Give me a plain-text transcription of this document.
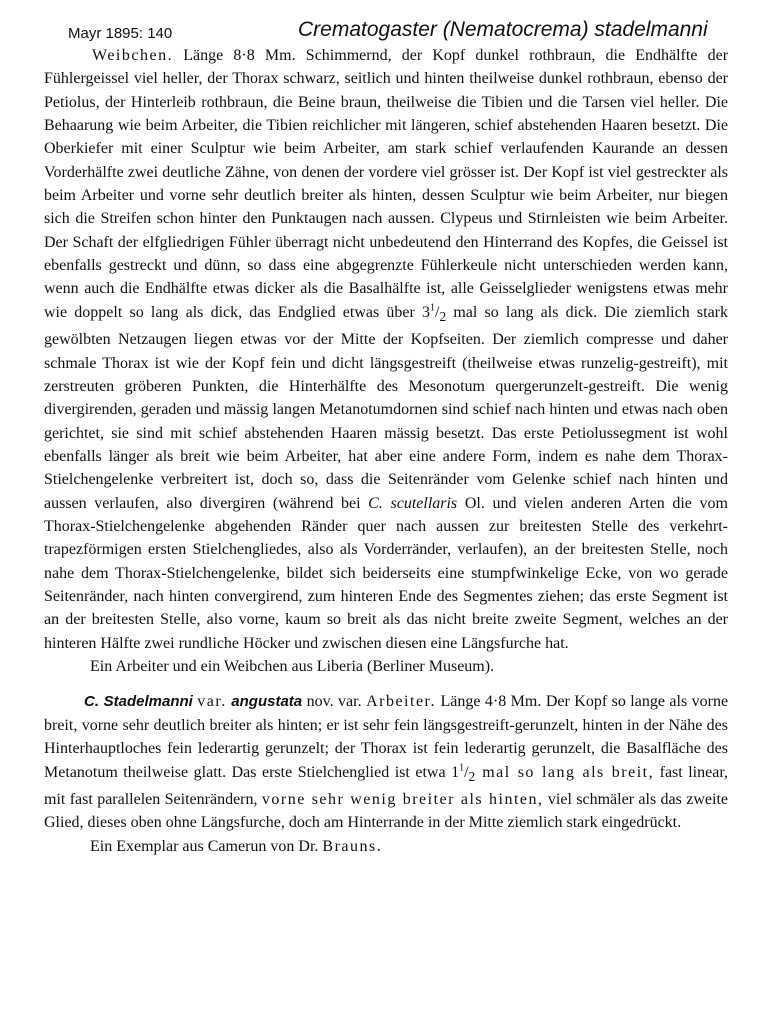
Mayr 1895: 140	Crematogaster (Nematocrema) stadelmanni

Weibchen. Länge 8·8 Mm. Schimmernd, der Kopf dunkel rothbraun, die Endhälfte der Fühlergeissel viel heller, der Thorax schwarz, seitlich und hinten theilweise dunkel rothbraun, ebenso der Petiolus, der Hinterleib rothbraun, die Beine braun, theilweise die Tibien und die Tarsen viel heller. Die Behaarung wie beim Arbeiter, die Tibien reichlicher mit längeren, schief abstehenden Haaren besetzt. Die Oberkiefer mit einer Sculptur wie beim Arbeiter, am stark schief verlaufenden Kaurande an dessen Vorderhälfte zwei deutliche Zähne, von denen der vordere viel grösser ist. Der Kopf ist viel gestreckter als beim Arbeiter und vorne sehr deutlich breiter als hinten, dessen Sculptur wie beim Arbeiter, nur biegen sich die Streifen schon hinter den Punktaugen nach aussen. Clypeus und Stirnleisten wie beim Arbeiter. Der Schaft der elfgliedrigen Fühler überragt nicht unbedeutend den Hinterrand des Kopfes, die Geissel ist ebenfalls gestreckt und dünn, so dass eine abgegrenzte Fühlerkeule nicht unterschieden werden kann, wenn auch die Endhälfte etwas dicker als die Basalhälfte ist, alle Geisselglieder wenigstens etwas mehr wie doppelt so lang als dick, das Endglied etwas über $3^1/_2$ mal so lang als dick. Die ziemlich stark gewölbten Netzaugen liegen etwas vor der Mitte der Kopfseiten. Der ziemlich compresse und daher schmale Thorax ist wie der Kopf fein und dicht längsgestreift (theilweise etwas runzelig-gestreift), mit zerstreuten gröberen Punkten, die Hinterhälfte des Mesonotum quergerunzelt-gestreift. Die wenig divergirenden, geraden und mässig langen Metanotumdornen sind schief nach hinten und etwas nach oben gerichtet, sie sind mit schief abstehenden Haaren mässig besetzt. Das erste Petiolussegment ist wohl ebenfalls länger als breit wie beim Arbeiter, hat aber eine andere Form, indem es nahe dem Thorax-Stielchengelenke verbreitert ist, doch so, dass die Seitenränder vom Gelenke schief nach hinten und aussen verlaufen, also divergiren (während bei C. scutellaris Ol. und vielen anderen Arten die vom Thorax-Stielchengelenke abgehenden Ränder quer nach aussen zur breitesten Stelle des verkehrt-trapezförmigen ersten Stielchengliedes, also als Vorderränder, verlaufen), an der breitesten Stelle, noch nahe dem Thorax-Stielchengelenke, bildet sich beiderseits eine stumpfwinkelige Ecke, von wo gerade Seitenränder, nach hinten convergirend, zum hinteren Ende des Segmentes ziehen; das erste Segment ist an der breitesten Stelle, also vorne, kaum so breit als das nicht breite zweite Segment, welches an der hinteren Hälfte zwei rundliche Höcker und zwischen diesen eine Längsfurche hat.

Ein Arbeiter und ein Weibchen aus Liberia (Berliner Museum).

C. Stadelmanni var. angustata nov. var. Arbeiter. Länge 4·8 Mm. Der Kopf so lange als vorne breit, vorne sehr deutlich breiter als hinten; er ist sehr fein längsgestreift-gerunzelt, hinten in der Nähe des Hinterhauptloches fein lederartig gerunzelt; der Thorax ist fein lederartig gerunzelt, die Basalfläche des Metanotum theilweise glatt. Das erste Stielchenglied ist etwa $1^1/_2$ mal so lang als breit, fast linear, mit fast parallelen Seitenrändern, vorne sehr wenig breiter als hinten, viel schmäler als das zweite Glied, dieses oben ohne Längsfurche, doch am Hinterrande in der Mitte ziemlich stark eingedrückt.

Ein Exemplar aus Camerun von Dr. Brauns.
